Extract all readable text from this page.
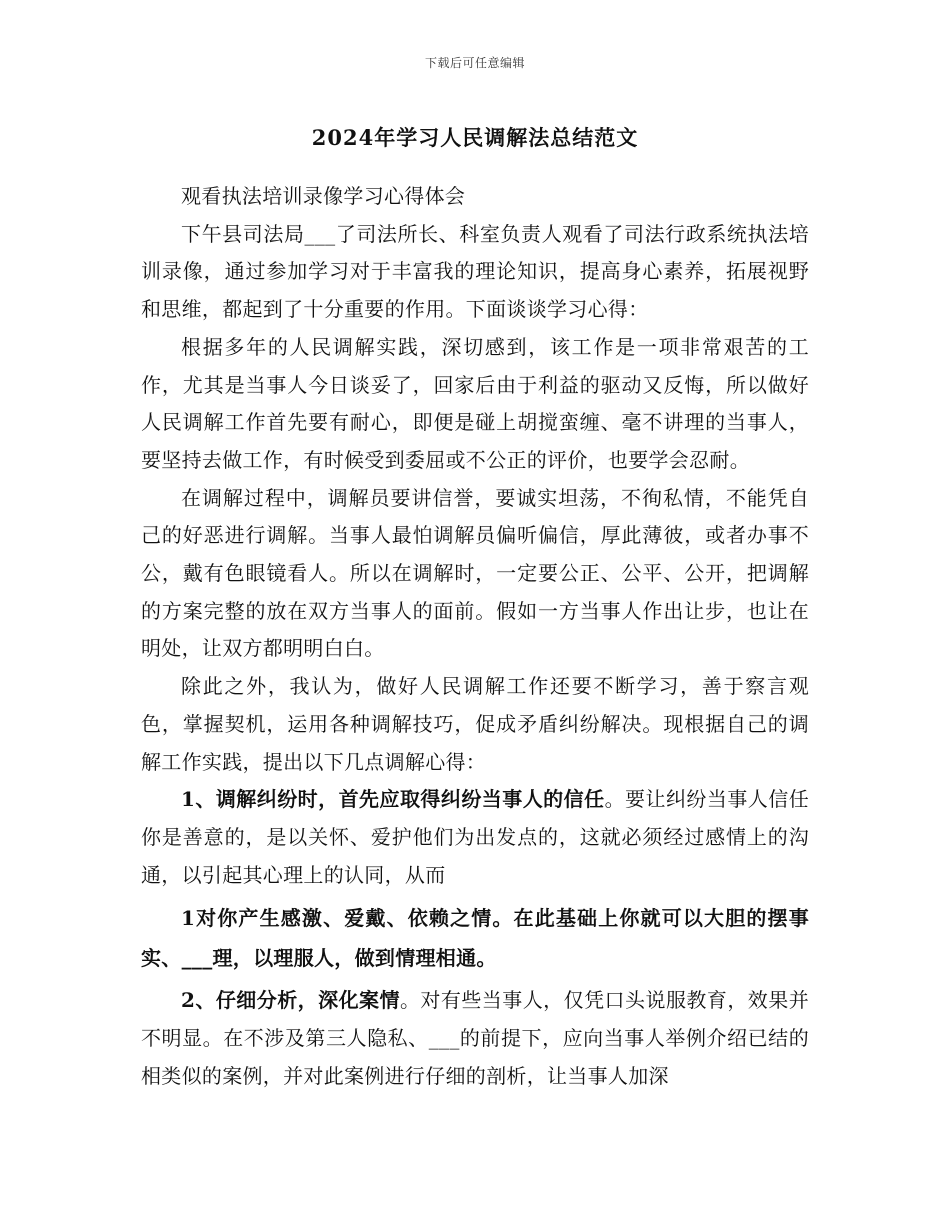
下载后可任意编辑
2024年学习人民调解法总结范文

观看执法培训录像学习心得体会

下午县司法局___了司法所长、科室负责人观看了司法行政系统执法培训录像，通过参加学习对于丰富我的理论知识，提高身心素养，拓展视野和思维，都起到了十分重要的作用。下面谈谈学习心得：

根据多年的人民调解实践，深切感到，该工作是一项非常艰苦的工作，尤其是当事人今日谈妥了，回家后由于利益的驱动又反悔，所以做好人民调解工作首先要有耐心，即便是碰上胡搅蛮缠、毫不讲理的当事人，要坚持去做工作，有时候受到委屈或不公正的评价，也要学会忍耐。

在调解过程中，调解员要讲信誉，要诚实坦荡，不徇私情，不能凭自己的好恶进行调解。当事人最怕调解员偏听偏信，厚此薄彼，或者办事不公，戴有色眼镜看人。所以在调解时，一定要公正、公平、公开，把调解的方案完整的放在双方当事人的面前。假如一方当事人作出让步，也让在明处，让双方都明明白白。

除此之外，我认为，做好人民调解工作还要不断学习，善于察言观色，掌握契机，运用各种调解技巧，促成矛盾纠纷解决。现根据自己的调解工作实践，提出以下几点调解心得：

1、调解纠纷时，首先应取得纠纷当事人的信任。要让纠纷当事人信任你是善意的，是以关怀、爱护他们为出发点的，这就必须经过感情上的沟通，以引起其心理上的认同，从而

1对你产生感激、爱戴、依赖之情。在此基础上你就可以大胆的摆事实、___理，以理服人，做到情理相通。

2、仔细分析，深化案情。对有些当事人，仅凭口头说服教育，效果并不明显。在不涉及第三人隐私、___的前提下，应向当事人举例介绍已结的相类似的案例，并对此案例进行仔细的剖析，让当事人加深
